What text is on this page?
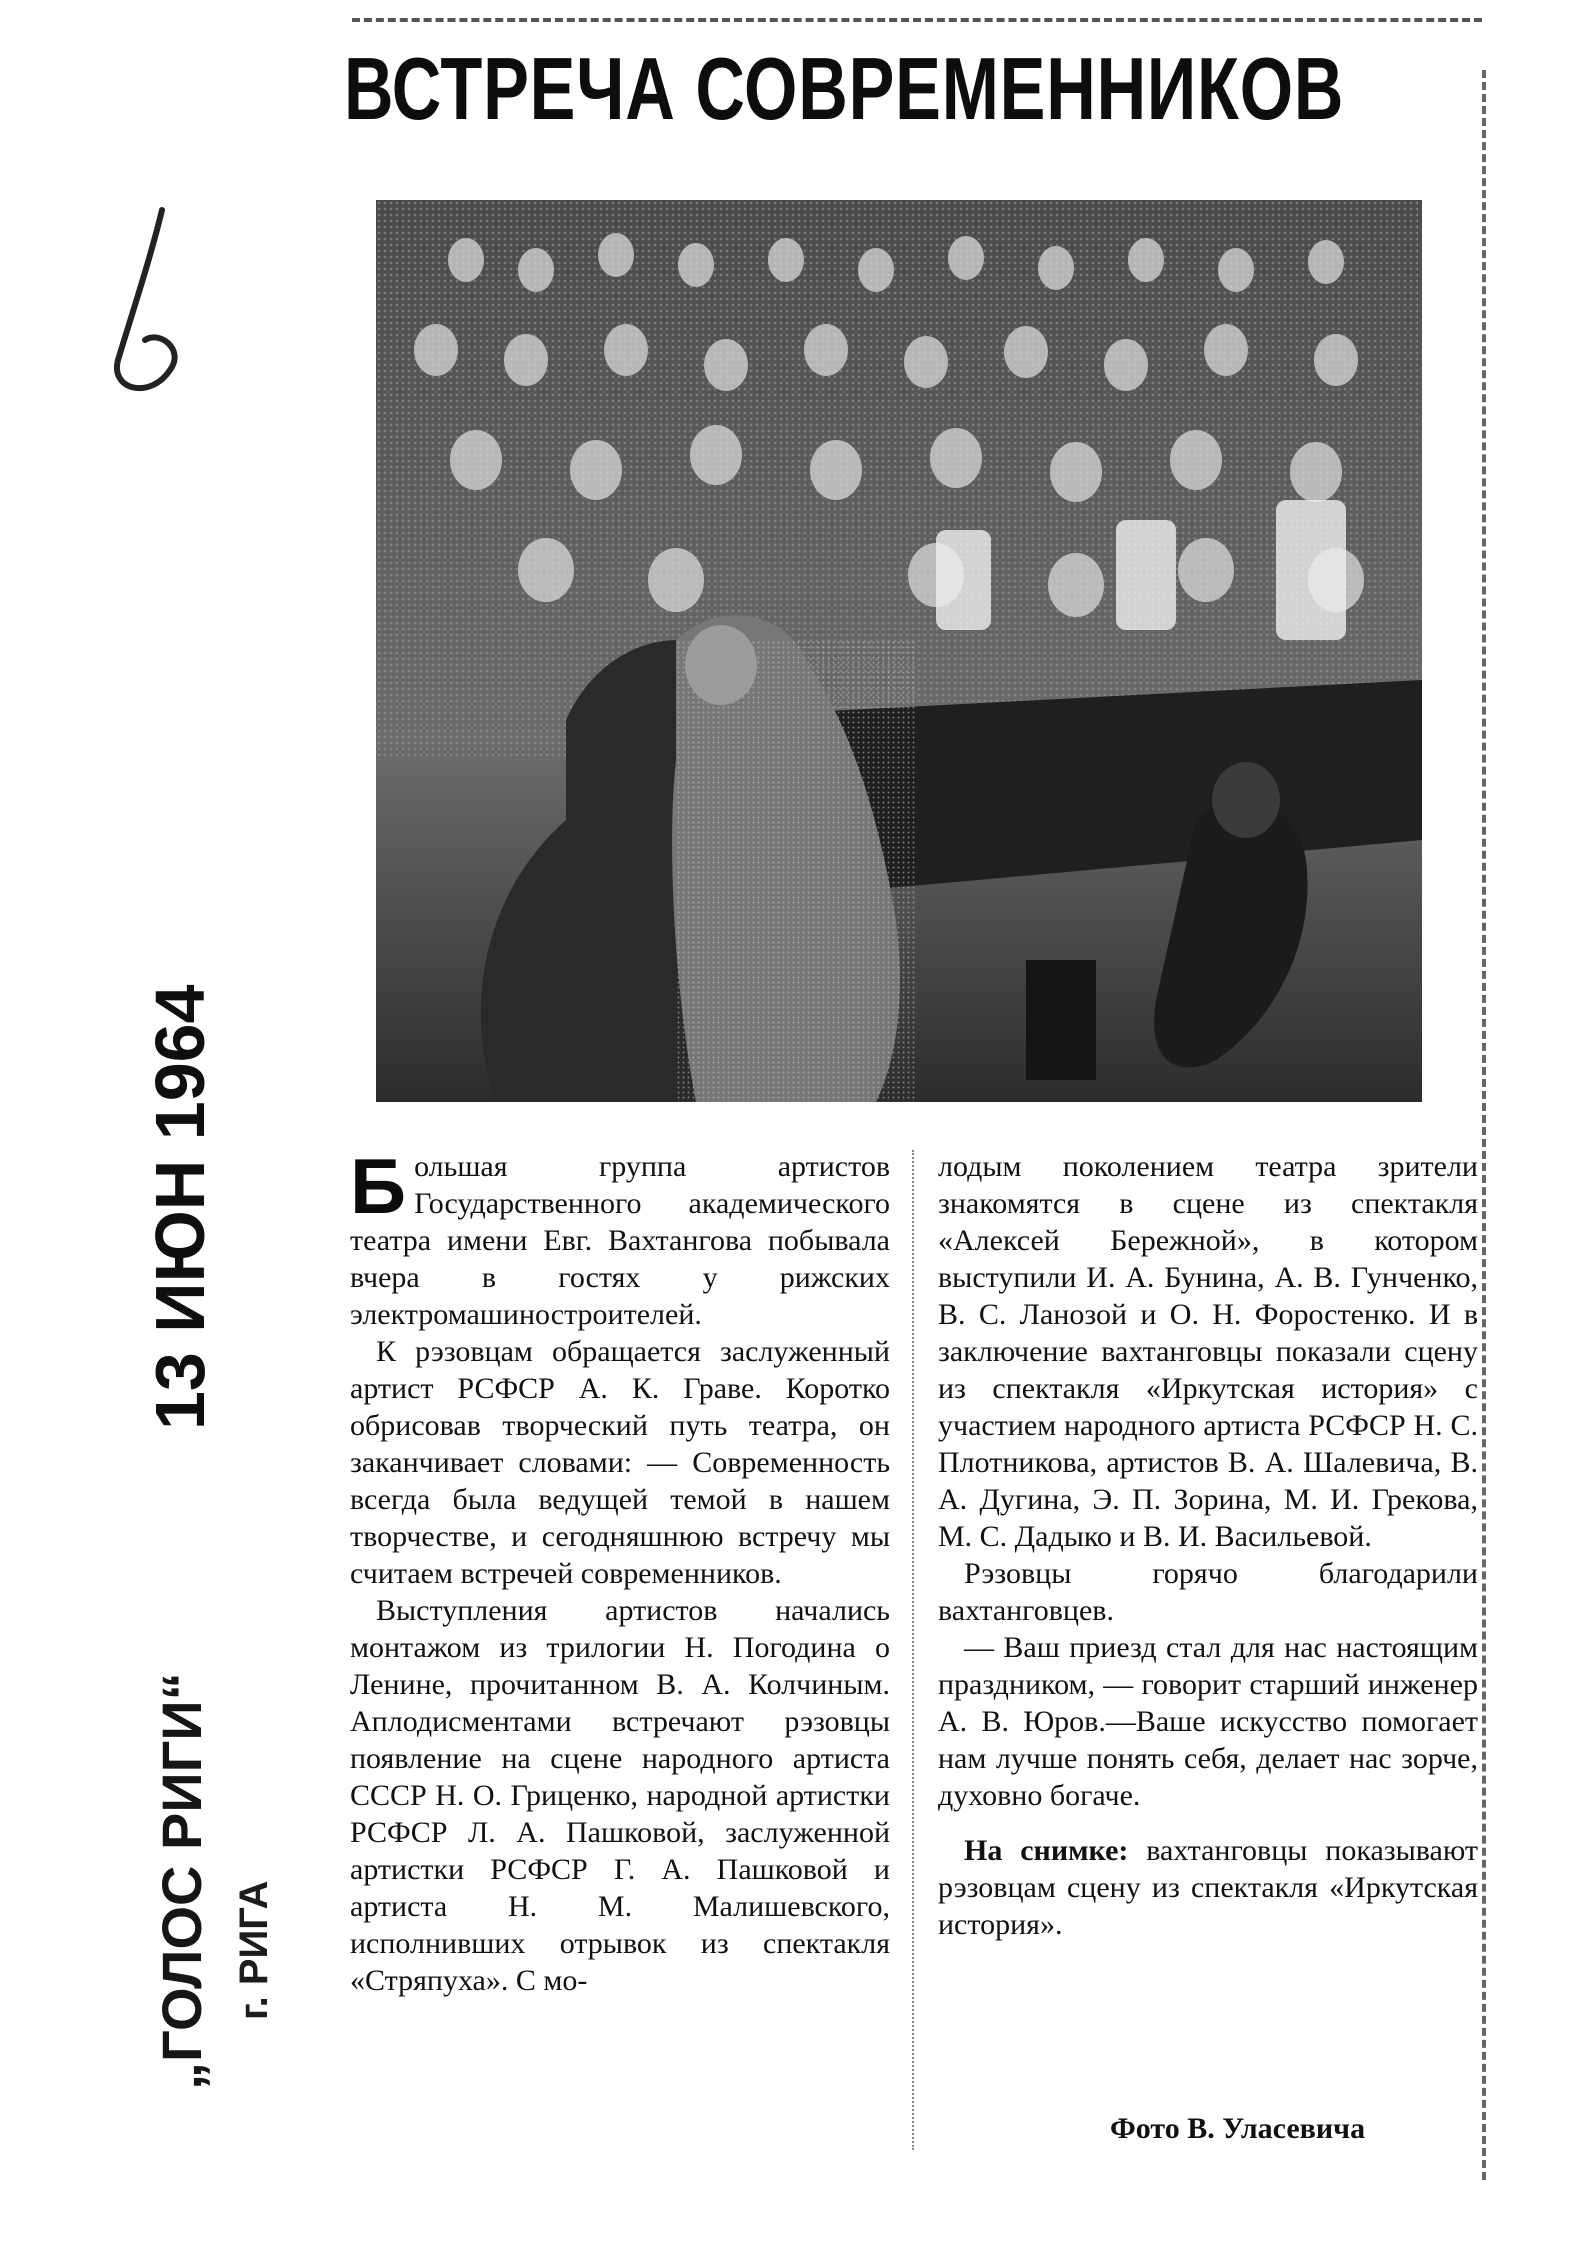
ВСТРЕЧА СОВРЕМЕННИКОВ
„ГОЛОС РИГИ“ г. РИГА
13 ИЮН 1964 Большая группа артистов Государственного академического театра имени Евг. Вахтангова побывала вчера в гостях у рижских электромашиностроителей.

К рэзовцам обращается заслуженный артист РСФСР А. К. Граве. Коротко обрисовав творческий путь театра, он заканчивает словами: — Современность всегда была ведущей темой в нашем творчестве, и сегодняшнюю встречу мы считаем встречей современников.

Выступления артистов начались монтажом из трилогии Н. Погодина о Ленине, прочитанном В. А. Колчиным. Аплодисментами встречают рэзовцы появление на сцене народного артиста СССР Н. О. Гриценко, народной артистки РСФСР Л. А. Пашковой, заслуженной артистки РСФСР Г. А. Пашковой и артиста Н. М. Малишевского, исполнивших отрывок из спектакля «Стряпуха». С мо-

лодым поколением театра зрители знакомятся в сцене из спектакля «Алексей Бережной», в котором выступили И. А. Бунина, А. В. Гунченко, В. С. Ланозой и О. Н. Форостенко. И в заключение вахтанговцы показали сцену из спектакля «Иркутская история» с участием народного артиста РСФСР Н. С. Плотникова, артистов В. А. Шалевича, В. А. Дугина, Э. П. Зорина, М. И. Грекова, М. С. Дадыко и В. И. Васильевой.

Рэзовцы горячо благодарили вахтанговцев.

— Ваш приезд стал для нас настоящим праздником, — говорит старший инженер А. В. Юров.—Ваше искусство помогает нам лучше понять себя, делает нас зорче, духовно богаче.

На снимке: вахтанговцы показывают рэзовцам сцену из спектакля «Иркутская история».

Фото В. Уласевича
